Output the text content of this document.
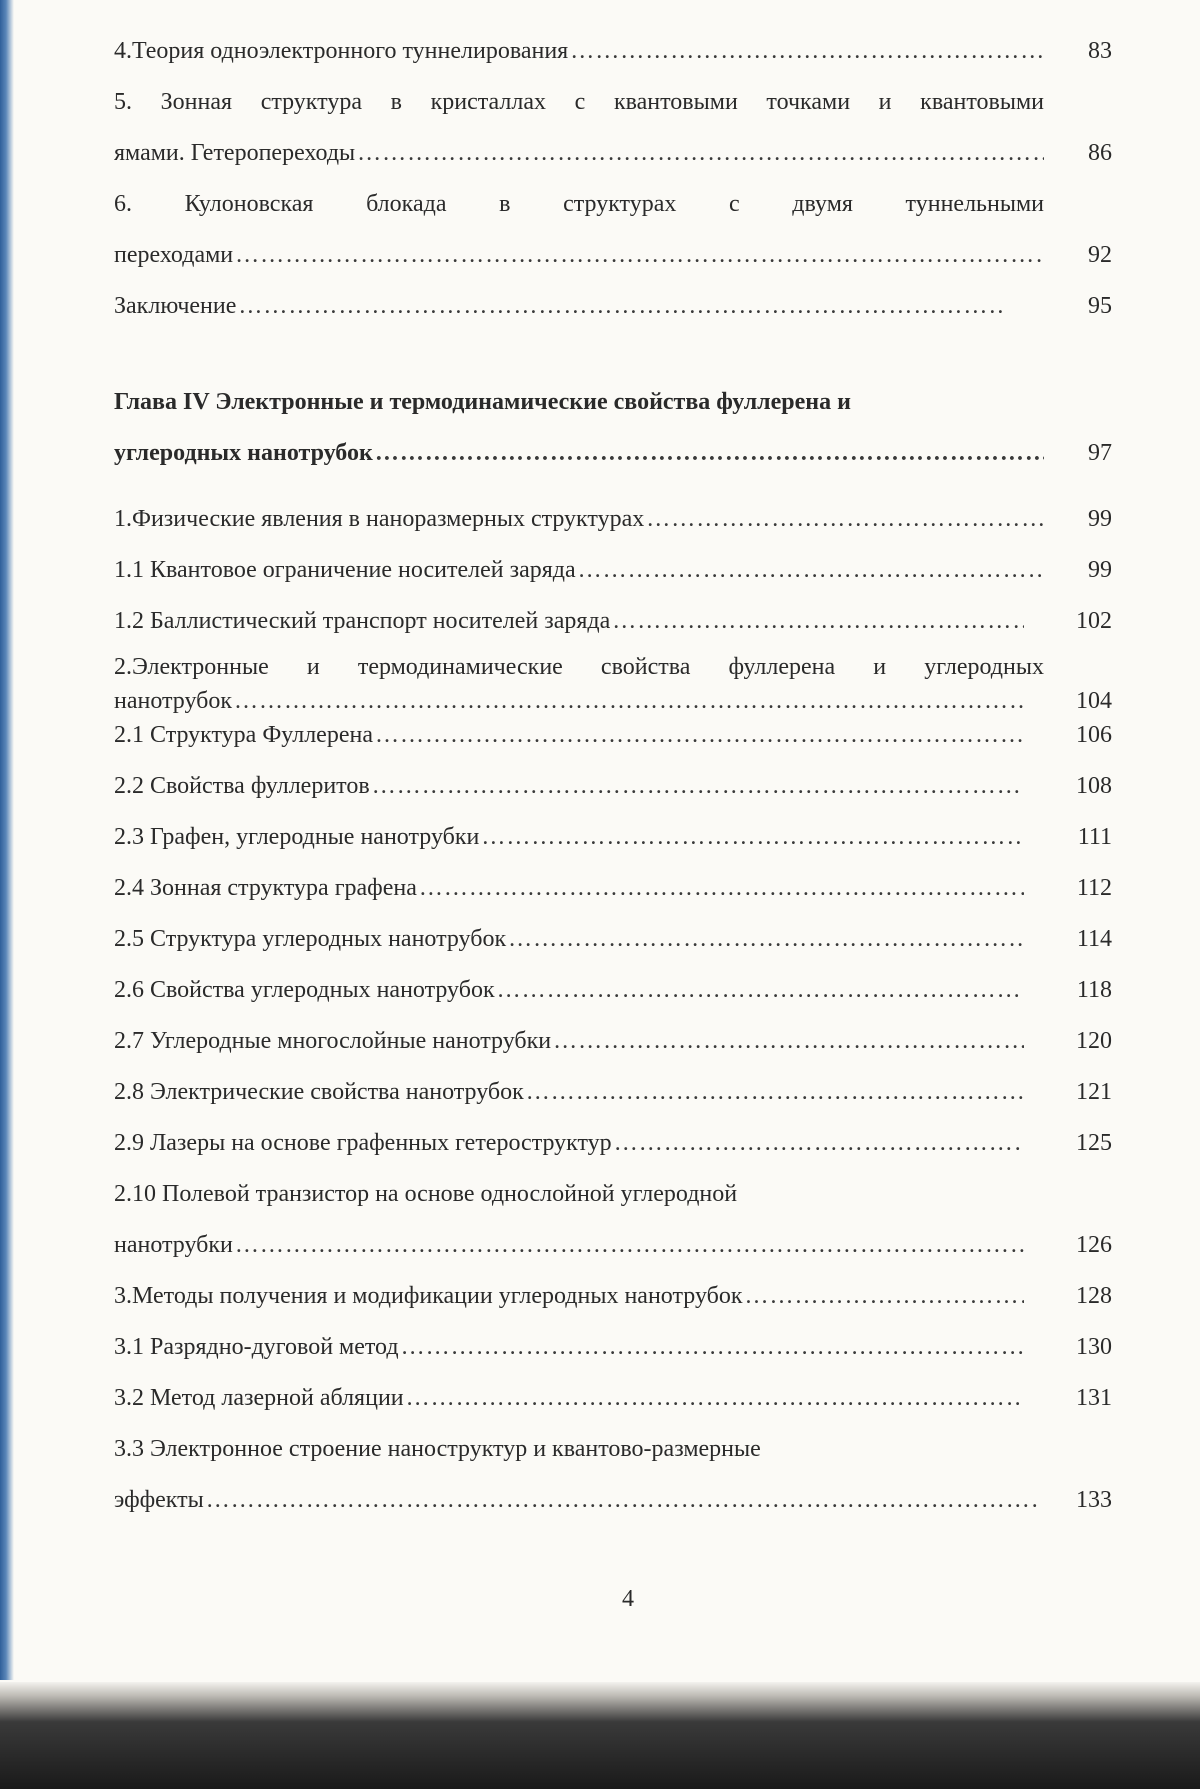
4.Теория одноэлектронного туннелирования …………………………………………………………………………………………………………………………………………………………………………………………………………………………………………………………………	83
5. Зонная структура в кристаллах с квантовыми точками и квантовыми
ямами. Гетеропереходы …………………………………………………………………………………………………………………………………………………………………………………………………………………………………………………………………	86
6. Кулоновская блокада в структурах с двумя туннельными
переходами …………………………………………………………………………………………………………………………………………………………………………………………………………………………………………………………………	92
Заключение …………………………………………………………………………………………………………………………………………………………………………………………………………………………………………………………………	95
Глава IV Электронные и термодинамические свойства фуллерена и
углеродных нанотрубок …………………………………………………………………………………………………………………………………………………………………………………………………………………………………………………………………	97
1.Физические явления в наноразмерных структурах …………………………………………………………………………………………………………………………………………………………………………………………………………………………………………………………………	99
1.1 Квантовое ограничение носителей заряда …………………………………………………………………………………………………………………………………………………………………………………………………………………………………………………………………	99
1.2 Баллистический транспорт носителей заряда …………………………………………………………………………………………………………………………………………………………………………………………………………………………………………………………………	102
2.Электронные и термодинамические свойства фуллерена и углеродных
нанотрубок …………………………………………………………………………………………………………………………………………………………………………………………………………………………………………………………………	104
2.1 Структура Фуллерена …………………………………………………………………………………………………………………………………………………………………………………………………………………………………………………………………	106
2.2 Свойства фуллеритов …………………………………………………………………………………………………………………………………………………………………………………………………………………………………………………………………	108
2.3 Графен, углеродные нанотрубки …………………………………………………………………………………………………………………………………………………………………………………………………………………………………………………………………	111
2.4 Зонная структура графена …………………………………………………………………………………………………………………………………………………………………………………………………………………………………………………………………	112
2.5 Структура углеродных нанотрубок …………………………………………………………………………………………………………………………………………………………………………………………………………………………………………………………………	114
2.6 Свойства углеродных нанотрубок …………………………………………………………………………………………………………………………………………………………………………………………………………………………………………………………………	118
2.7 Углеродные многослойные нанотрубки …………………………………………………………………………………………………………………………………………………………………………………………………………………………………………………………………	120
2.8 Электрические свойства нанотрубок …………………………………………………………………………………………………………………………………………………………………………………………………………………………………………………………………	121
2.9 Лазеры на основе графенных гетероструктур …………………………………………………………………………………………………………………………………………………………………………………………………………………………………………………………………	125
2.10 Полевой транзистор на основе однослойной углеродной
нанотрубки …………………………………………………………………………………………………………………………………………………………………………………………………………………………………………………………………	126
3.Методы получения и модификации углеродных нанотрубок …………………………………………………………………………………………………………………………………………………………………………………………………………………………………………………………………	128
3.1 Разрядно-дуговой метод …………………………………………………………………………………………………………………………………………………………………………………………………………………………………………………………………	130
3.2 Метод лазерной абляции …………………………………………………………………………………………………………………………………………………………………………………………………………………………………………………………………	131
3.3 Электронное строение наноструктур и квантово-размерные
эффекты …………………………………………………………………………………………………………………………………………………………………………………………………………………………………………………………………	133
4
